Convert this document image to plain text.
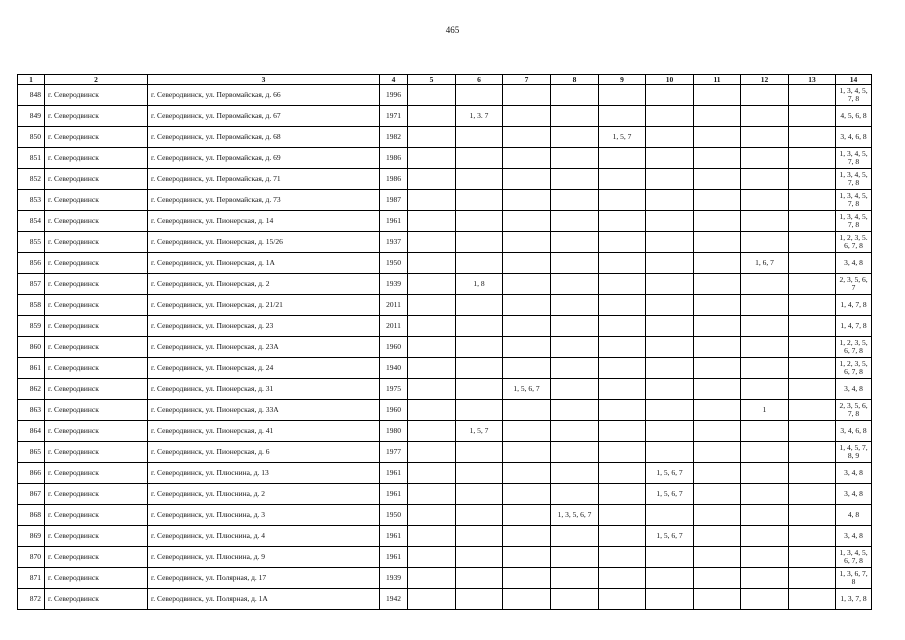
465
1	2	3	4	5	6	7	8	9	10	11	12	13	14
848	г. Северодвинск	г. Северодвинск, ул. Первомайская, д. 66	1996										1, 3, 4, 5, 7, 8
849	г. Северодвинск	г. Северодвинск, ул. Первомайская, д. 67	1971		1, 3. 7								4, 5, 6, 8
850	г. Северодвинск	г. Северодвинск, ул. Первомайская, д. 68	1982					1, 5, 7					3, 4, 6, 8
851	г. Северодвинск	г. Северодвинск, ул. Первомайская, д. 69	1986										1, 3, 4, 5, 7, 8
852	г. Северодвинск	г. Северодвинск, ул. Первомайская, д. 71	1986										1, 3, 4, 5, 7, 8
853	г. Северодвинск	г. Северодвинск, ул. Первомайская, д. 73	1987										1, 3, 4, 5, 7, 8
854	г. Северодвинск	г. Северодвинск, ул. Пионерская, д. 14	1961										1, 3, 4, 5, 7, 8
855	г. Северодвинск	г. Северодвинск, ул. Пионерская, д. 15/26	1937										1, 2, 3, 5. 6, 7, 8
856	г. Северодвинск	г. Северодвинск, ул. Пионерская, д. 1А	1950								1, 6, 7		3, 4, 8
857	г. Северодвинск	г. Северодвинск, ул. Пионерская, д. 2	1939		1, 8								2, 3, 5, 6, 7
858	г. Северодвинск	г. Северодвинск, ул. Пионерская, д. 21/21	2011										1, 4, 7, 8
859	г. Северодвинск	г. Северодвинск, ул. Пионерская, д. 23	2011										1, 4, 7, 8
860	г. Северодвинск	г. Северодвинск, ул. Пионерская, д. 23А	1960										1, 2, 3, 5, 6, 7, 8
861	г. Северодвинск	г. Северодвинск, ул. Пионерская, д. 24	1940										1, 2, 3, 5, 6, 7, 8
862	г. Северодвинск	г. Северодвинск, ул. Пионерская, д. 31	1975			1, 5, 6, 7							3, 4, 8
863	г. Северодвинск	г. Северодвинск, ул. Пионерская, д. 33А	1960								1		2, 3, 5, 6, 7, 8
864	г. Северодвинск	г. Северодвинск, ул. Пионерская, д. 41	1980		1, 5, 7								3, 4, 6, 8
865	г. Северодвинск	г. Северодвинск, ул. Пионерская, д. 6	1977										1, 4, 5, 7, 8, 9
866	г. Северодвинск	г. Северодвинск, ул. Плюснина, д. 13	1961						1, 5, 6, 7				3, 4, 8
867	г. Северодвинск	г. Северодвинск, ул. Плюснина, д. 2	1961						1, 5, 6, 7				3, 4, 8
868	г. Северодвинск	г. Северодвинск, ул. Плюснина, д. 3	1950				1, 3, 5, 6, 7						4, 8
869	г. Северодвинск	г. Северодвинск, ул. Плюснина, д. 4	1961						1, 5, 6, 7				3, 4, 8
870	г. Северодвинск	г. Северодвинск, ул. Плюснина, д. 9	1961										1, 3, 4, 5, 6, 7, 8
871	г. Северодвинск	г. Северодвинск, ул. Полярная, д. 17	1939										1, 3, 6, 7, 8
872	г. Северодвинск	г. Северодвинск, ул. Полярная, д. 1А	1942										1, 3, 7, 8
